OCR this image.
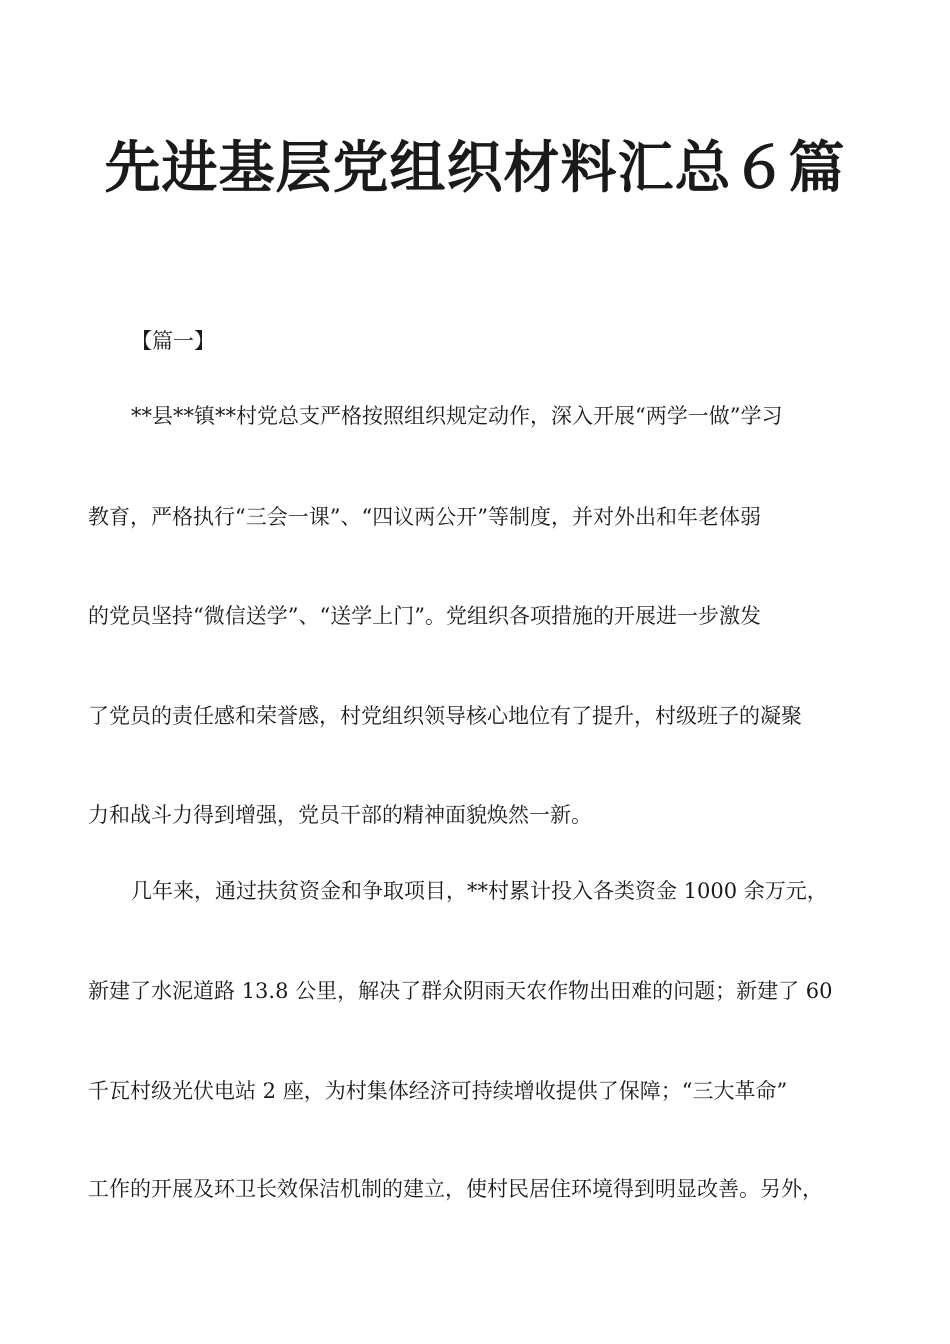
先进基层党组织材料汇总６篇

【篇一】

**县**镇**村党总支严格按照组织规定动作，深入开展“两学一做”学习

教育，严格执行“三会一课”、“四议两公开”等制度，并对外出和年老体弱

的党员坚持“微信送学”、“送学上门”。党组织各项措施的开展进一步激发

了党员的责任感和荣誉感，村党组织领导核心地位有了提升，村级班子的凝聚

力和战斗力得到增强，党员干部的精神面貌焕然一新。

几年来，通过扶贫资金和争取项目，**村累计投入各类资金 1000 余万元，

新建了水泥道路 13.8 公里，解决了群众阴雨天农作物出田难的问题；新建了 60

千瓦村级光伏电站 2 座，为村集体经济可持续增收提供了保障；“三大革命”

工作的开展及环卫长效保洁机制的建立，使村民居住环境得到明显改善。另外，
